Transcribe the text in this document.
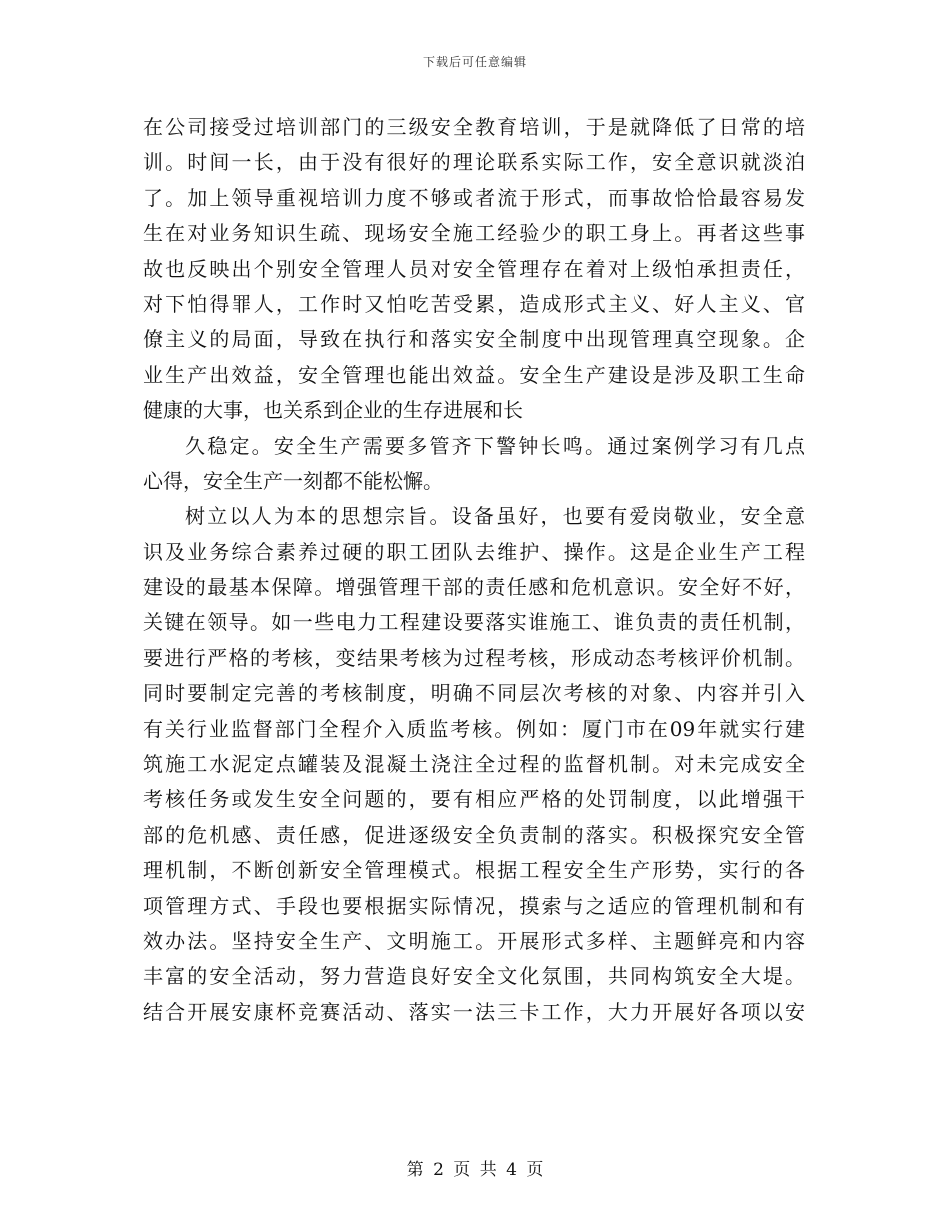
下载后可任意编辑
在公司接受过培训部门的三级安全教育培训，于是就降低了日常的培
训。时间一长，由于没有很好的理论联系实际工作，安全意识就淡泊
了。加上领导重视培训力度不够或者流于形式，而事故恰恰最容易发
生在对业务知识生疏、现场安全施工经验少的职工身上。再者这些事
故也反映出个别安全管理人员对安全管理存在着对上级怕承担责任，
对下怕得罪人，工作时又怕吃苦受累，造成形式主义、好人主义、官
僚主义的局面，导致在执行和落实安全制度中出现管理真空现象。企
业生产出效益，安全管理也能出效益。安全生产建设是涉及职工生命
健康的大事，也关系到企业的生存进展和长
久稳定。安全生产需要多管齐下警钟长鸣。通过案例学习有几点
心得，安全生产一刻都不能松懈。
树立以人为本的思想宗旨。设备虽好，也要有爱岗敬业，安全意
识及业务综合素养过硬的职工团队去维护、操作。这是企业生产工程
建设的最基本保障。增强管理干部的责任感和危机意识。安全好不好，
关键在领导。如一些电力工程建设要落实谁施工、谁负责的责任机制，
要进行严格的考核，变结果考核为过程考核，形成动态考核评价机制。
同时要制定完善的考核制度，明确不同层次考核的对象、内容并引入
有关行业监督部门全程介入质监考核。例如：厦门市在09年就实行建
筑施工水泥定点罐装及混凝土浇注全过程的监督机制。对未完成安全
考核任务或发生安全问题的，要有相应严格的处罚制度，以此增强干
部的危机感、责任感，促进逐级安全负责制的落实。积极探究安全管
理机制，不断创新安全管理模式。根据工程安全生产形势，实行的各
项管理方式、手段也要根据实际情况，摸索与之适应的管理机制和有
效办法。坚持安全生产、文明施工。开展形式多样、主题鲜亮和内容
丰富的安全活动，努力营造良好安全文化氛围，共同构筑安全大堤。
结合开展安康杯竞赛活动、落实一法三卡工作，大力开展好各项以安
第 2 页 共 4 页
